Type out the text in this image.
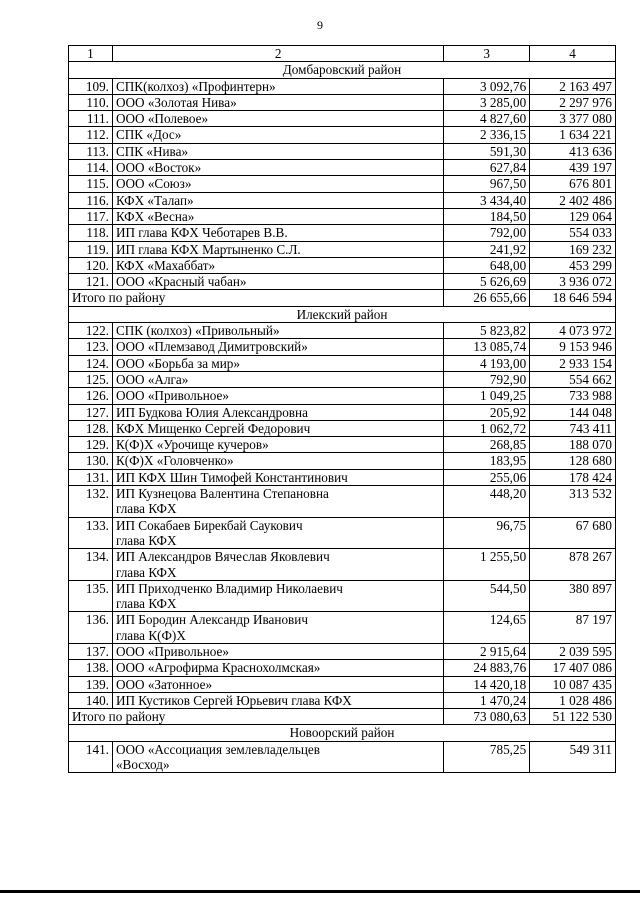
9
1	2	3	4
Домбаровский район			
109.	СПК(колхоз) «Профинтерн»	3 092,76	2 163 497
110.	ООО «Золотая Нива»	3 285,00	2 297 976
111.	ООО «Полевое»	4 827,60	3 377 080
112.	СПК «Дос»	2 336,15	1 634 221
113.	СПК «Нива»	591,30	413 636
114.	ООО «Восток»	627,84	439 197
115.	ООО «Союз»	967,50	676 801
116.	КФХ «Талап»	3 434,40	2 402 486
117.	КФХ «Весна»	184,50	129 064
118.	ИП глава КФХ Чеботарев В.В.	792,00	554 033
119.	ИП глава КФХ Мартыненко С.Л.	241,92	169 232
120.	КФХ «Махаббат»	648,00	453 299
121.	ООО «Красный чабан»	5 626,69	3 936 072
Итого по району		26 655,66	18 646 594
Илекский район			
122.	СПК (колхоз) «Привольный»	5 823,82	4 073 972
123.	ООО «Племзавод Димитровский»	13 085,74	9 153 946
124.	ООО «Борьба за мир»	4 193,00	2 933 154
125.	ООО «Алга»	792,90	554 662
126.	ООО «Привольное»	1 049,25	733 988
127.	ИП Будкова Юлия Александровна	205,92	144 048
128.	КФХ Мищенко Сергей Федорович	1 062,72	743 411
129.	К(Ф)Х «Урочище кучеров»	268,85	188 070
130.	К(Ф)Х «Головченко»	183,95	128 680
131.	ИП КФХ Шин Тимофей Константинович	255,06	178 424
132.	ИП Кузнецова Валентина Степановна
глава КФХ	448,20	313 532
133.	ИП Сокабаев Бирекбай Саукович
глава КФХ	96,75	67 680
134.	ИП Александров Вячеслав Яковлевич
глава КФХ	1 255,50	878 267
135.	ИП Приходченко Владимир Николаевич
глава КФХ	544,50	380 897
136.	ИП Бородин Александр Иванович
глава К(Ф)Х	124,65	87 197
137.	ООО «Привольное»	2 915,64	2 039 595
138.	ООО «Агрофирма Краснохолмская»	24 883,76	17 407 086
139.	ООО «Затонное»	14 420,18	10 087 435
140.	ИП Кустиков Сергей Юрьевич глава КФХ	1 470,24	1 028 486
Итого по району		73 080,63	51 122 530
Новоорский район			
141.	ООО «Ассоциация землевладельцев
«Восход»	785,25	549 311
